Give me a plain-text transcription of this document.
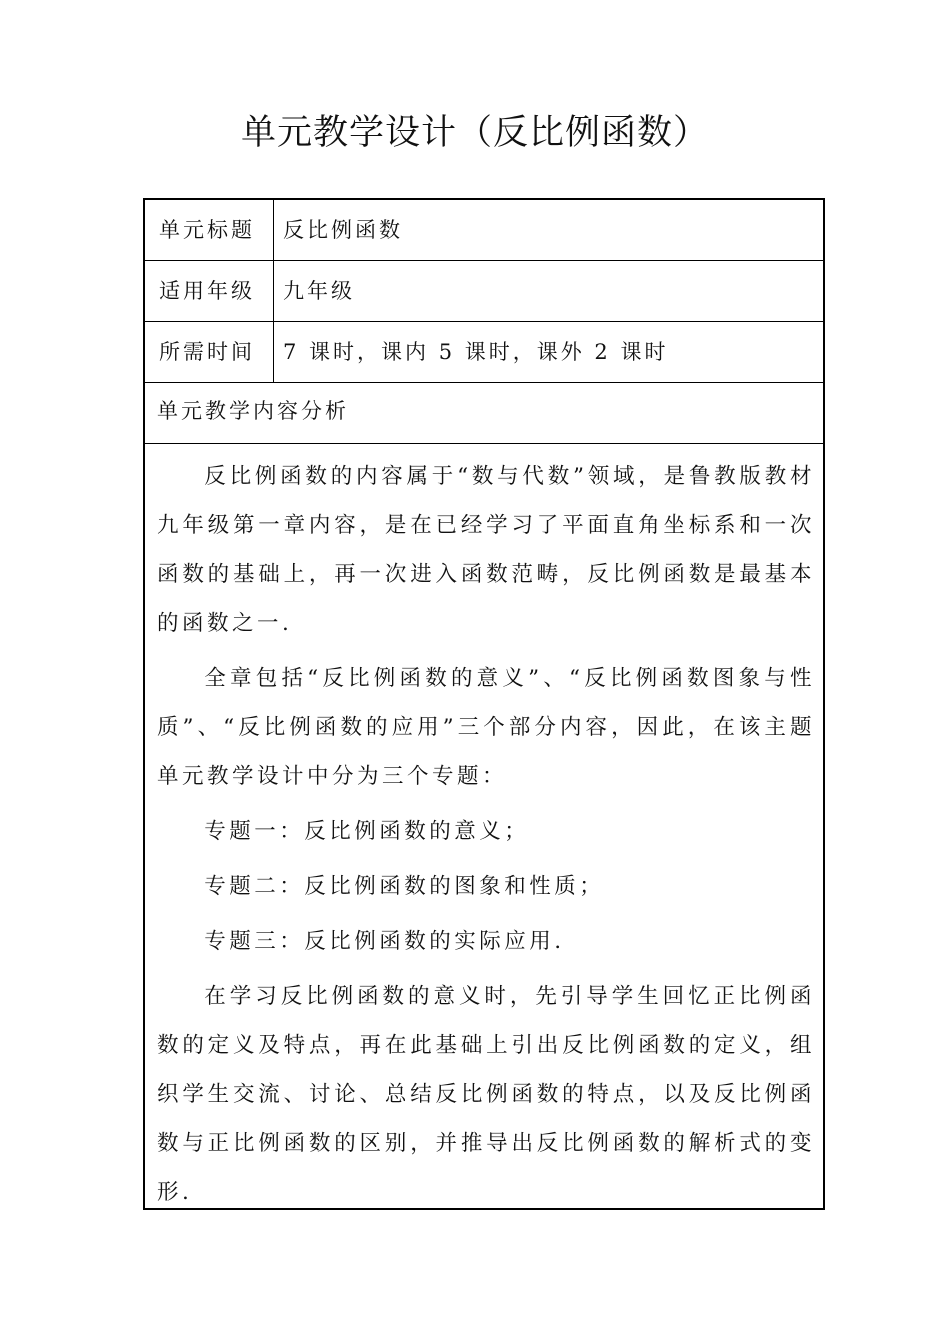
单元教学设计（反比例函数）
单元标题	反比例函数
适用年级	九年级
所需时间	7 课时，课内 5 课时，课外 2 课时
单元教学内容分析

反比例函数的内容属于“数与代数”领域，是鲁教版教材九年级第一章内容，是在已经学习了平面直角坐标系和一次函数的基础上，再一次进入函数范畴，反比例函数是最基本的函数之一.

全章包括“反比例函数的意义”、“反比例函数图象与性质”、“反比例函数的应用”三个部分内容，因此，在该主题单元教学设计中分为三个专题：

专题一：反比例函数的意义；

专题二：反比例函数的图象和性质；

专题三：反比例函数的实际应用.

在学习反比例函数的意义时，先引导学生回忆正比例函数的定义及特点，再在此基础上引出反比例函数的定义，组织学生交流、讨论、总结反比例函数的特点，以及反比例函数与正比例函数的区别，并推导出反比例函数的解析式的变形.
